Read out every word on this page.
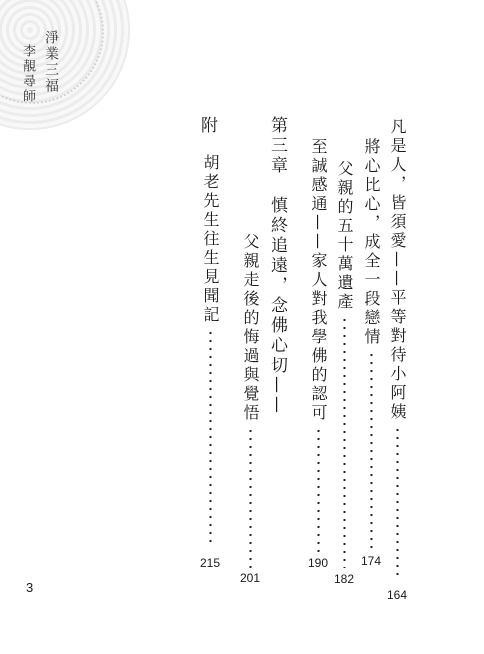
淨業三福
李靚尋師
凡是人，皆須愛——平等對待小阿姨
164
將心比心，成全一段戀情
174
父親的五十萬遺產
182
至誠感通——家人對我學佛的認可
190
第三章　慎終追遠，念佛心切——
父親走後的悔過與覺悟
201
附
胡老先生往生見聞記
215
3
